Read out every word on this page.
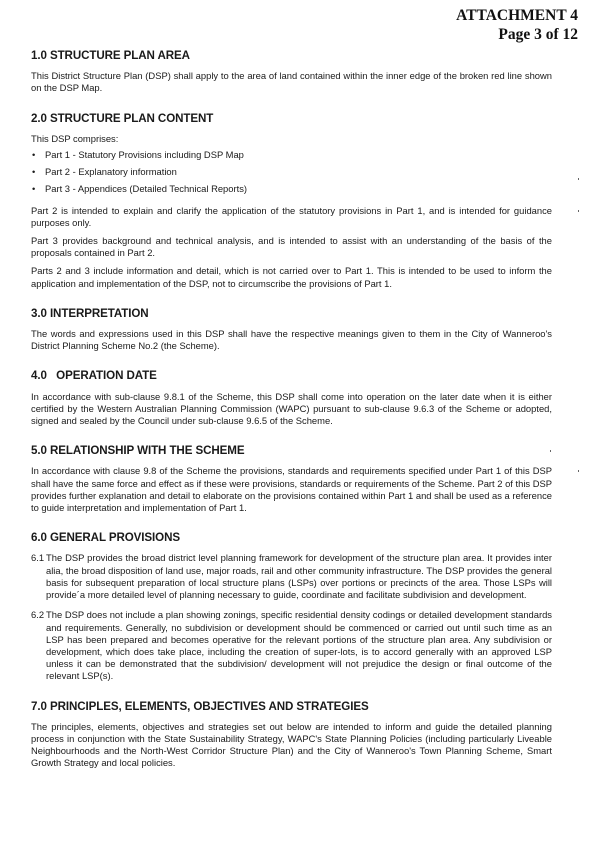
ATTACHMENT 4
Page 3 of 12
1.0 STRUCTURE PLAN AREA

This District Structure Plan (DSP) shall apply to the area of land contained within the inner edge of the broken red line shown on the DSP Map.

2.0 STRUCTURE PLAN CONTENT

This DSP comprises:

• Part 1 - Statutory Provisions including DSP Map
• Part 2 - Explanatory information
• Part 3 - Appendices (Detailed Technical Reports)

Part 2 is intended to explain and clarify the application of the statutory provisions in Part 1, and is intended for guidance purposes only.

Part 3 provides background and technical analysis, and is intended to assist with an understanding of the basis of the proposals contained in Part 2.

Parts 2 and 3 include information and detail, which is not carried over to Part 1. This is intended to be used to inform the application and implementation of the DSP, not to circumscribe the provisions of Part 1.

3.0 INTERPRETATION

The words and expressions used in this DSP shall have the respective meanings given to them in the City of Wanneroo's District Planning Scheme No.2 (the Scheme).

4.0   OPERATION DATE

In accordance with sub-clause 9.8.1 of the Scheme, this DSP shall come into operation on the later date when it is either certified by the Western Australian Planning Commission (WAPC) pursuant to sub-clause 9.6.3 of the Scheme or adopted, signed and sealed by the Council under sub-clause 9.6.5 of the Scheme.

5.0 RELATIONSHIP WITH THE SCHEME

In accordance with clause 9.8 of the Scheme the provisions, standards and requirements specified under Part 1 of this DSP shall have the same force and effect as if these were provisions, standards or requirements of the Scheme. Part 2 of this DSP provides further explanation and detail to elaborate on the provisions contained within Part 1 and shall be used as a reference to guide interpretation and implementation of Part 1.

6.0 GENERAL PROVISIONS
6.1 The DSP provides the broad district level planning framework for development of the structure plan area. It provides inter alia, the broad disposition of land use, major roads, rail and other community infrastructure. The DSP provides the general basis for subsequent preparation of local structure plans (LSPs) over portions or precincts of the area. Those LSPs will provide´a more detailed level of planning necessary to guide, coordinate and facilitate subdivision and development.
6.2 The DSP does not include a plan showing zonings, specific residential density codings or detailed development standards and requirements. Generally, no subdivision or development should be commenced or carried out until such time as an LSP has been prepared and becomes operative for the relevant portions of the structure plan area. Any subdivision or development, which does take place, including the creation of super-lots, is to accord generally with an approved LSP unless it can be demonstrated that the subdivision/ development will not prejudice the design or final outcome of the relevant LSP(s).
7.0 PRINCIPLES, ELEMENTS, OBJECTIVES AND STRATEGIES

The principles, elements, objectives and strategies set out below are intended to inform and guide the detailed planning process in conjunction with the State Sustainability Strategy, WAPC's State Planning Policies (including particularly Liveable Neighbourhoods and the North-West Corridor Structure Plan) and the City of Wanneroo's Town Planning Scheme, Smart Growth Strategy and local policies.
